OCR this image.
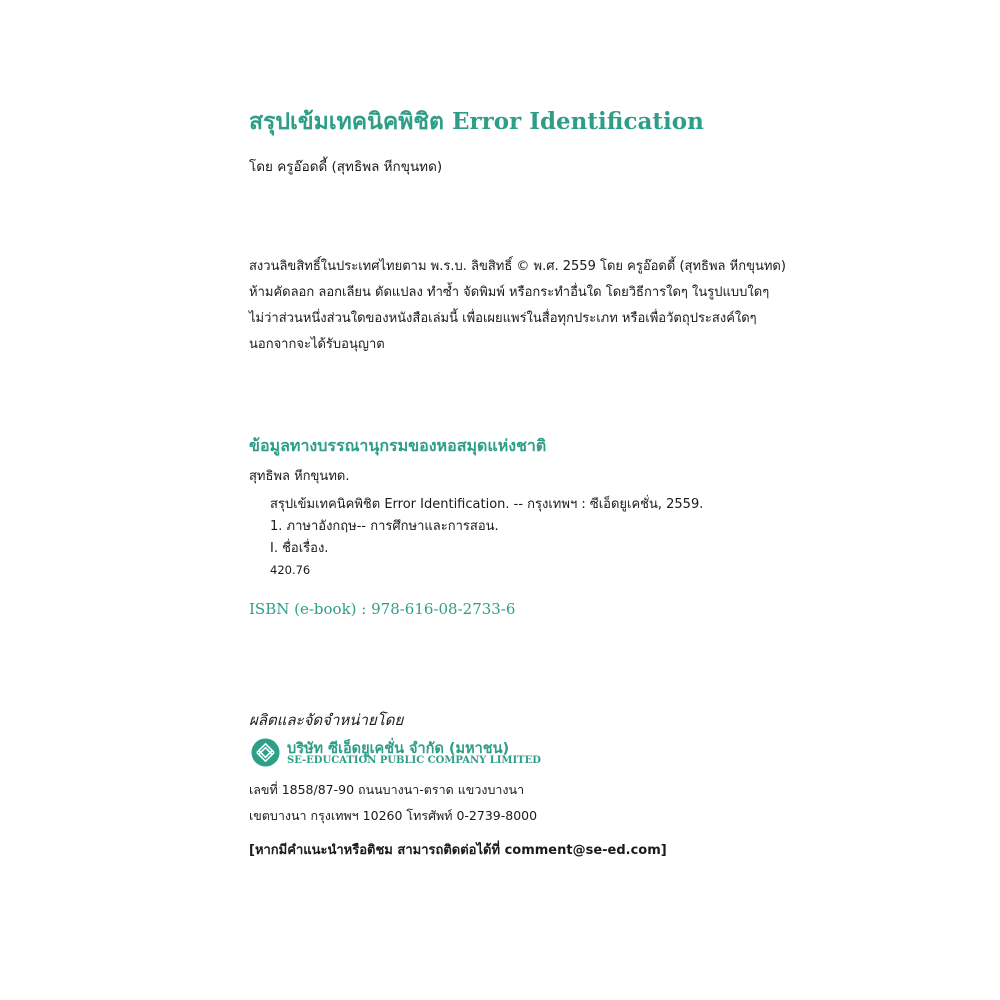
สรุปเข้มเทคนิคพิชิต Error Identification
โดย ครูอ๊อดดี้ (สุทธิพล หีกขุนทด)
สงวนลิขสิทธิ์ในประเทศไทยตาม พ.ร.บ. ลิขสิทธิ์ © พ.ศ. 2559 โดย ครูอ๊อดดี้ (สุทธิพล หีกขุนทด)
ห้ามคัดลอก ลอกเลียน ดัดแปลง ทำซ้ำ จัดพิมพ์ หรือกระทำอื่นใด โดยวิธีการใดๆ ในรูปแบบใดๆ
ไม่ว่าส่วนหนึ่งส่วนใดของหนังสือเล่มนี้ เพื่อเผยแพร่ในสื่อทุกประเภท หรือเพื่อวัตถุประสงค์ใดๆ
นอกจากจะได้รับอนุญาต
ข้อมูลทางบรรณานุกรมของหอสมุดแห่งชาติ
สุทธิพล หีกขุนทด.
สรุปเข้มเทคนิคพิชิต Error Identification. -- กรุงเทพฯ : ซีเอ็ดยูเคชั่น, 2559.
1. ภาษาอังกฤษ-- การศึกษาและการสอน.
I. ชื่อเรื่อง.
420.76
ISBN (e-book) : 978-616-08-2733-6
ผลิตและจัดจำหน่ายโดย
บริษัท ซีเอ็ดยูเคชั่น จำกัด (มหาชน)
SE-EDUCATION PUBLIC COMPANY LIMITED
เลขที่ 1858/87-90 ถนนบางนา-ตราด แขวงบางนา
เขตบางนา กรุงเทพฯ 10260 โทรศัพท์ 0-2739-8000
[หากมีคำแนะนำหรือติชม สามารถติดต่อได้ที่ comment@se-ed.com]
